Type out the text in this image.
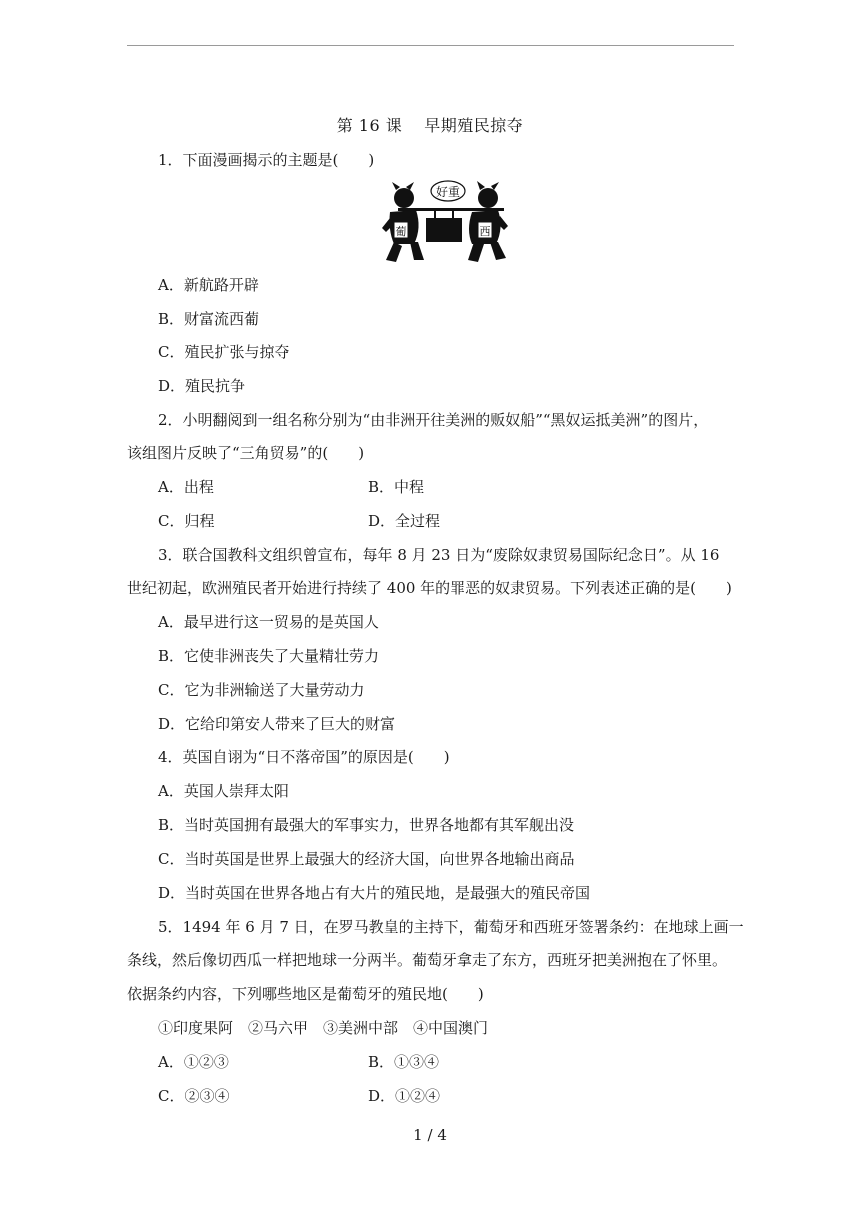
第 16 课 早期殖民掠夺
1．下面漫画揭示的主题是(　　)
好重
葡	西
A．新航路开辟
B．财富流西葡
C．殖民扩张与掠夺
D．殖民抗争
2．小明翻阅到一组名称分别为“由非洲开往美洲的贩奴船”“黑奴运抵美洲”的图片，
该组图片反映了“三角贸易”的(　　)
A．出程	B．中程
C．归程	D．全过程
3．联合国教科文组织曾宣布，每年 8 月 23 日为“废除奴隶贸易国际纪念日”。从 16
世纪初起，欧洲殖民者开始进行持续了 400 年的罪恶的奴隶贸易。下列表述正确的是(　　)
A．最早进行这一贸易的是英国人
B．它使非洲丧失了大量精壮劳力
C．它为非洲输送了大量劳动力
D．它给印第安人带来了巨大的财富
4．英国自诩为“日不落帝国”的原因是(　　)
A．英国人崇拜太阳
B．当时英国拥有最强大的军事实力，世界各地都有其军舰出没
C．当时英国是世界上最强大的经济大国，向世界各地输出商品
D．当时英国在世界各地占有大片的殖民地，是最强大的殖民帝国
5．1494 年 6 月 7 日，在罗马教皇的主持下，葡萄牙和西班牙签署条约：在地球上画一
条线，然后像切西瓜一样把地球一分两半。葡萄牙拿走了东方，西班牙把美洲抱在了怀里。
依据条约内容，下列哪些地区是葡萄牙的殖民地(　　)
①印度果阿　②马六甲　③美洲中部　④中国澳门
A．①②③	B．①③④
C．②③④	D．①②④
1 / 4
